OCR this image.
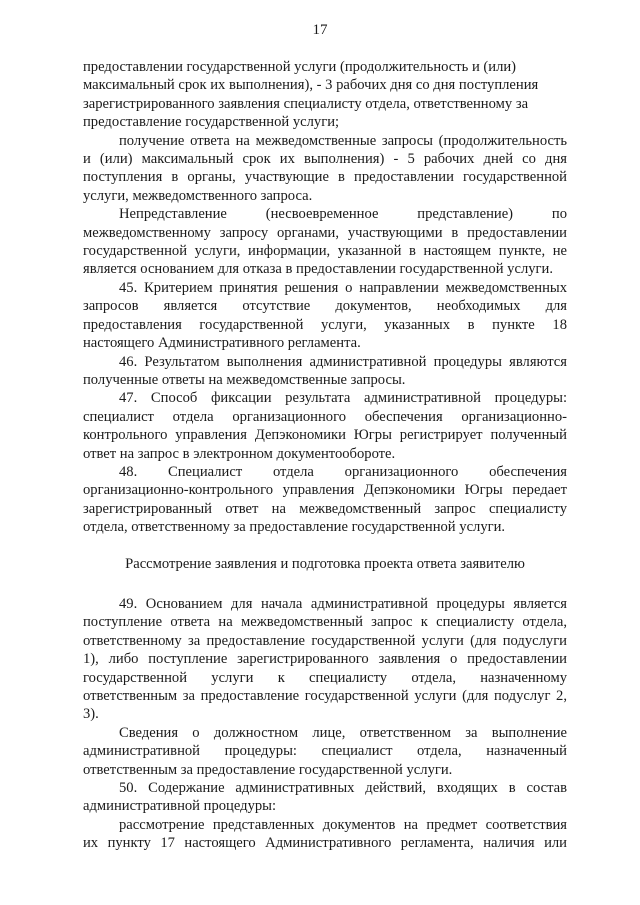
17

предоставлении государственной услуги (продолжительность и (или)
максимальный срок их выполнения), - 3 рабочих дня со дня поступления
зарегистрированного заявления специалисту отдела, ответственному за
предоставление государственной услуги;

получение ответа на межведомственные запросы (продолжительность
и (или) максимальный срок их выполнения) - 5 рабочих дней со дня
поступления в органы, участвующие в предоставлении государственной
услуги, межведомственного запроса.

Непредставление (несвоевременное представление) по
межведомственному запросу органами, участвующими в предоставлении
государственной услуги, информации, указанной в настоящем пункте, не
является основанием для отказа в предоставлении государственной услуги.

45. Критерием принятия решения о направлении межведомственных
запросов является отсутствие документов, необходимых для
предоставления государственной услуги, указанных в пункте 18
настоящего Административного регламента.

46. Результатом выполнения административной процедуры являются
полученные ответы на межведомственные запросы.

47. Способ фиксации результата административной процедуры:
специалист отдела организационного обеспечения организационно-
контрольного управления Депэкономики Югры регистрирует полученный
ответ на запрос в электронном документообороте.

48. Специалист отдела организационного обеспечения
организационно-контрольного управления Депэкономики Югры передает
зарегистрированный ответ на межведомственный запрос специалисту
отдела, ответственному за предоставление государственной услуги.

Рассмотрение заявления и подготовка проекта ответа заявителю

49. Основанием для начала административной процедуры является
поступление ответа на межведомственный запрос к специалисту отдела,
ответственному за предоставление государственной услуги (для подуслуги
1), либо поступление зарегистрированного заявления о предоставлении
государственной услуги к специалисту отдела, назначенному
ответственным за предоставление государственной услуги (для подуслуг 2,
3).

Сведения о должностном лице, ответственном за выполнение
административной процедуры: специалист отдела, назначенный
ответственным за предоставление государственной услуги.

50. Содержание административных действий, входящих в состав
административной процедуры:

рассмотрение представленных документов на предмет соответствия
их пункту 17 настоящего Административного регламента, наличия или
